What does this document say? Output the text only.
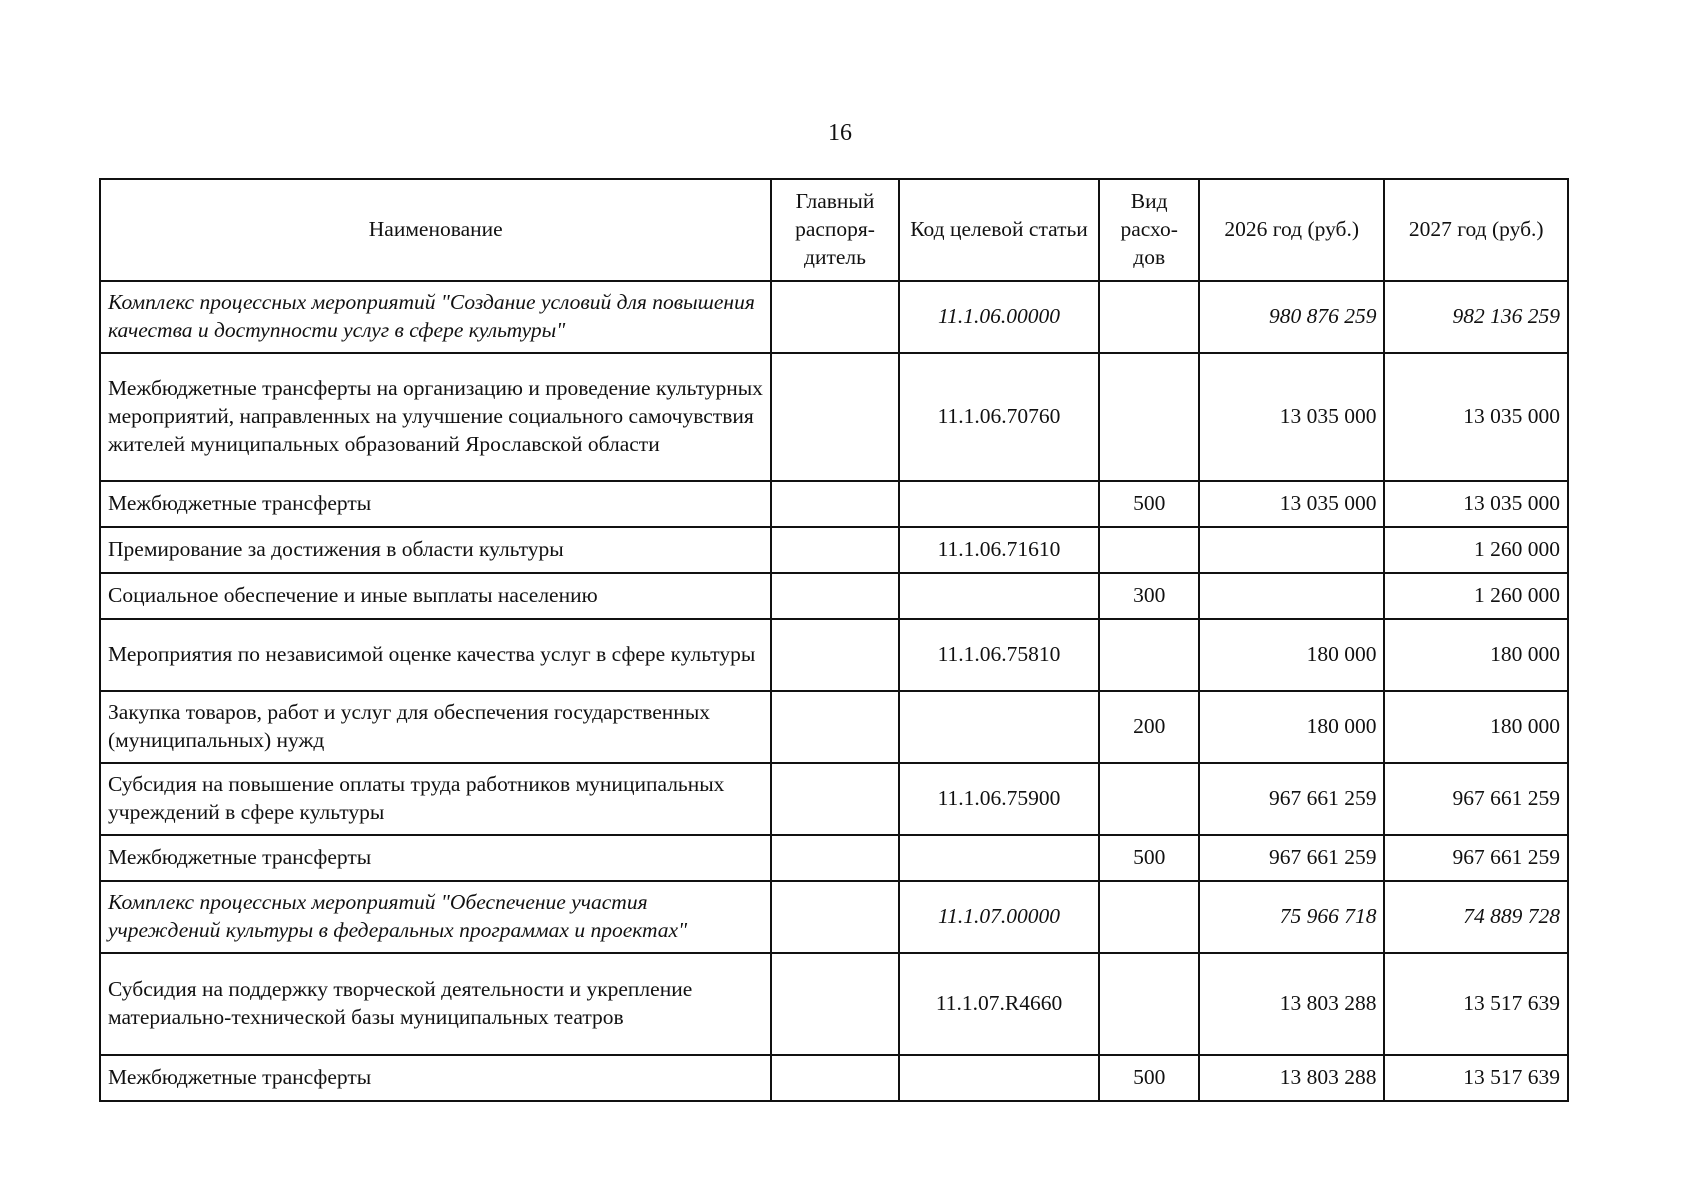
16
Наименование	Главный распоря-дитель	Код целевой статьи	Вид расхо-дов	2026 год (руб.)	2027 год (руб.)
Комплекс процессных мероприятий "Создание условий для повышения качества и доступности услуг в сфере культуры"		11.1.06.00000		980 876 259	982 136 259
Межбюджетные трансферты на организацию и проведение культурных мероприятий, направленных на улучшение социального самочувствия жителей муниципальных образований Ярославской области		11.1.06.70760		13 035 000	13 035 000
Межбюджетные трансферты			500	13 035 000	13 035 000
Премирование за достижения в области культуры		11.1.06.71610			1 260 000
Социальное обеспечение и иные выплаты населению			300		1 260 000
Мероприятия по независимой оценке качества услуг в сфере культуры		11.1.06.75810		180 000	180 000
Закупка товаров, работ и услуг для обеспечения государственных (муниципальных) нужд			200	180 000	180 000
Субсидия на повышение оплаты труда работников муниципальных учреждений в сфере культуры		11.1.06.75900		967 661 259	967 661 259
Межбюджетные трансферты			500	967 661 259	967 661 259
Комплекс процессных мероприятий "Обеспечение участия учреждений культуры в федеральных программах и проектах"		11.1.07.00000		75 966 718	74 889 728
Субсидия на поддержку творческой деятельности и укрепление материально-технической базы муниципальных театров		11.1.07.R4660		13 803 288	13 517 639
Межбюджетные трансферты			500	13 803 288	13 517 639
